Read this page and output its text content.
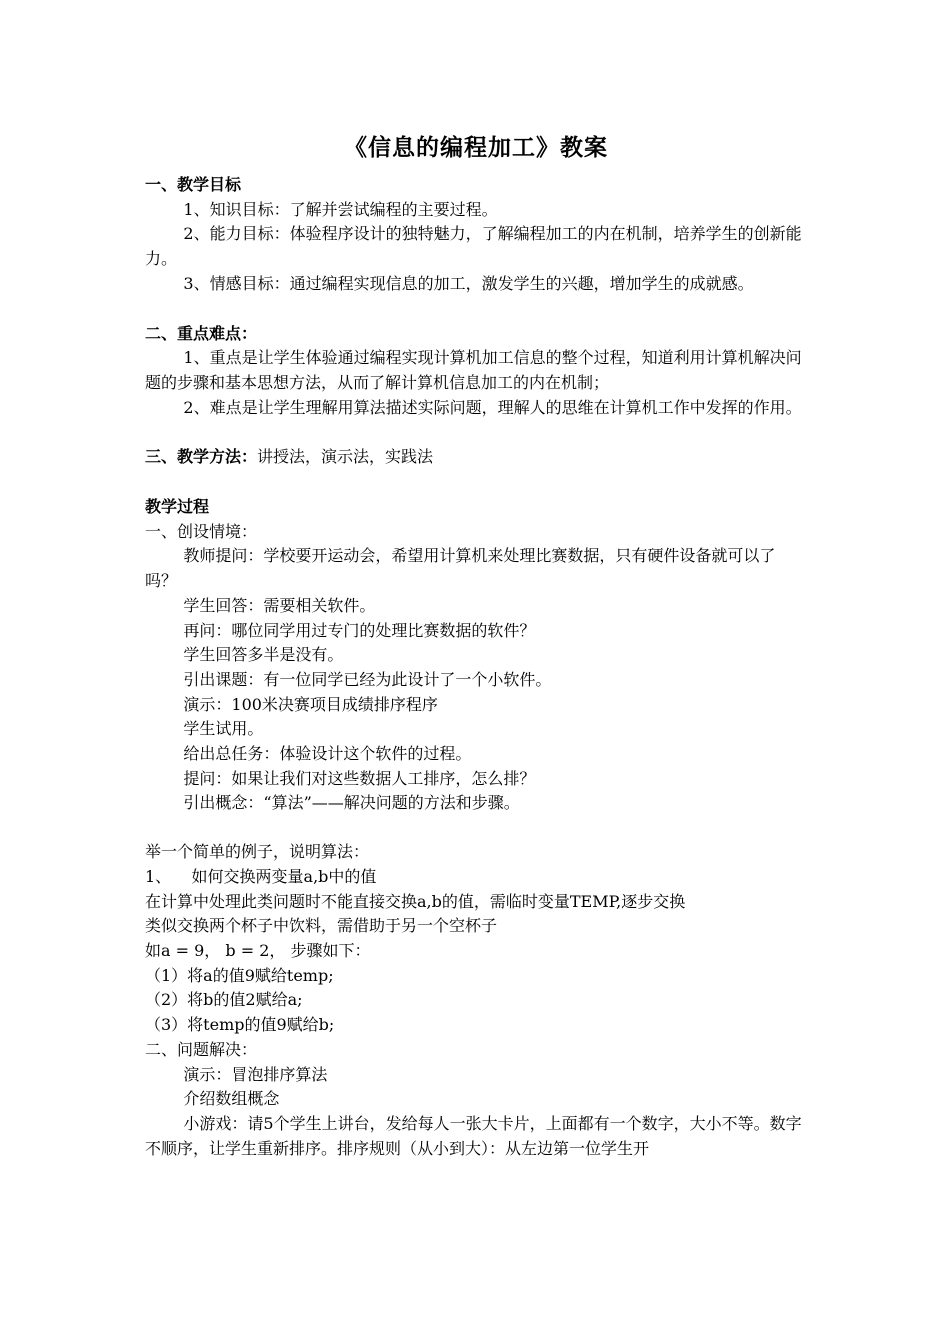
《信息的编程加工》教案

一、教学目标

1、知识目标：了解并尝试编程的主要过程。

2、能力目标：体验程序设计的独特魅力，了解编程加工的内在机制，培养学生的创新能力。

3、情感目标：通过编程实现信息的加工，激发学生的兴趣，增加学生的成就感。

二、重点难点：

1、重点是让学生体验通过编程实现计算机加工信息的整个过程，知道利用计算机解决问题的步骤和基本思想方法，从而了解计算机信息加工的内在机制；

2、难点是让学生理解用算法描述实际问题，理解人的思维在计算机工作中发挥的作用。

三、教学方法：讲授法，演示法，实践法

教学过程

一、创设情境：

教师提问：学校要开运动会，希望用计算机来处理比赛数据，只有硬件设备就可以了吗？

学生回答：需要相关软件。

再问：哪位同学用过专门的处理比赛数据的软件？

学生回答多半是没有。

引出课题：有一位同学已经为此设计了一个小软件。

演示：100米决赛项目成绩排序程序

学生试用。

给出总任务：体验设计这个软件的过程。

提问：如果让我们对这些数据人工排序，怎么排？

引出概念：“算法”——解决问题的方法和步骤。

举一个简单的例子，说明算法：

1、    如何交换两变量a,b中的值

在计算中处理此类问题时不能直接交换a,b的值，需临时变量TEMP,逐步交换

类似交换两个杯子中饮料，需借助于另一个空杯子

如a = 9， b = 2， 步骤如下：

（1）将a的值9赋给temp;

（2）将b的值2赋给a;

（3）将temp的值9赋给b;

二、问题解决：

演示：冒泡排序算法

介绍数组概念

小游戏：请5个学生上讲台，发给每人一张大卡片，上面都有一个数字，大小不等。数字不顺序，让学生重新排序。排序规则（从小到大）：从左边第一位学生开
